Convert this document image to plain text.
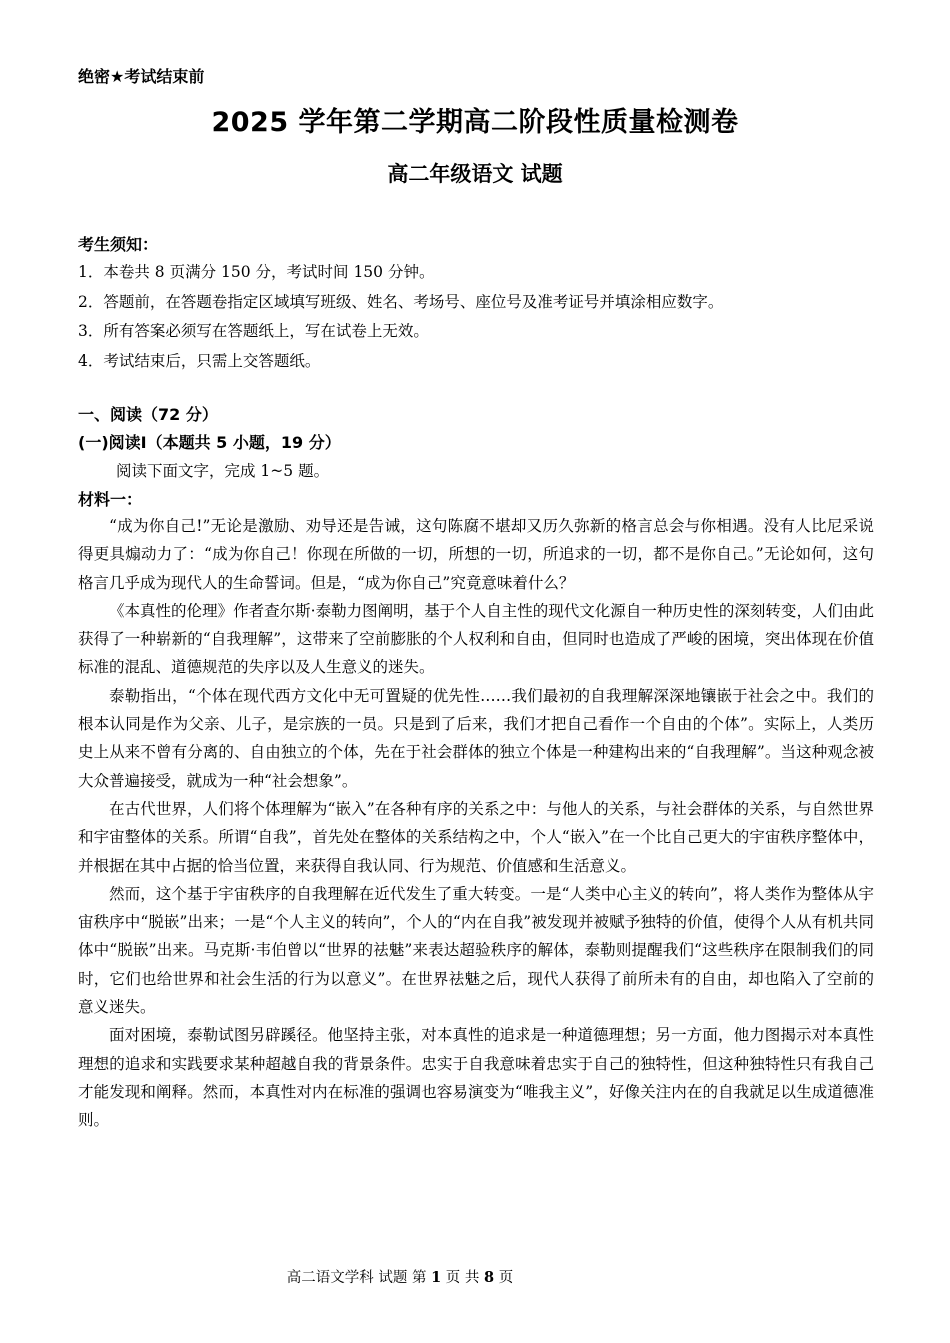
绝密★考试结束前
2025 学年第二学期高二阶段性质量检测卷
高二年级语文 试题
考生须知：
1．本卷共 8 页满分 150 分，考试时间 150 分钟。
2．答题前，在答题卷指定区域填写班级、姓名、考场号、座位号及准考证号并填涂相应数字。
3．所有答案必须写在答题纸上，写在试卷上无效。
4．考试结束后，只需上交答题纸。
一、阅读（72 分）
(一)阅读Ⅰ（本题共 5 小题，19 分）
阅读下面文字，完成 1~5 题。
材料一：

“成为你自己!”无论是激励、劝导还是告诫，这句陈腐不堪却又历久弥新的格言总会与你相遇。没有人比尼采说得更具煽动力了：“成为你自己！你现在所做的一切，所想的一切，所追求的一切，都不是你自己。”无论如何，这句格言几乎成为现代人的生命誓词。但是，“成为你自己”究竟意味着什么？

《本真性的伦理》作者查尔斯·泰勒力图阐明，基于个人自主性的现代文化源自一种历史性的深刻转变，人们由此获得了一种崭新的“自我理解”，这带来了空前膨胀的个人权利和自由，但同时也造成了严峻的困境，突出体现在价值标准的混乱、道德规范的失序以及人生意义的迷失。

泰勒指出，“个体在现代西方文化中无可置疑的优先性……我们最初的自我理解深深地镶嵌于社会之中。我们的根本认同是作为父亲、儿子，是宗族的一员。只是到了后来，我们才把自己看作一个自由的个体”。实际上，人类历史上从来不曾有分离的、自由独立的个体，先在于社会群体的独立个体是一种建构出来的“自我理解”。当这种观念被大众普遍接受，就成为一种“社会想象”。

在古代世界，人们将个体理解为“嵌入”在各种有序的关系之中：与他人的关系，与社会群体的关系，与自然世界和宇宙整体的关系。所谓“自我”，首先处在整体的关系结构之中，个人“嵌入”在一个比自己更大的宇宙秩序整体中，并根据在其中占据的恰当位置，来获得自我认同、行为规范、价值感和生活意义。

然而，这个基于宇宙秩序的自我理解在近代发生了重大转变。一是“人类中心主义的转向”，将人类作为整体从宇宙秩序中“脱嵌”出来；一是“个人主义的转向”，个人的“内在自我”被发现并被赋予独特的价值，使得个人从有机共同体中“脱嵌”出来。马克斯·韦伯曾以“世界的祛魅”来表达超验秩序的解体，泰勒则提醒我们“这些秩序在限制我们的同时，它们也给世界和社会生活的行为以意义”。在世界祛魅之后，现代人获得了前所未有的自由，却也陷入了空前的意义迷失。

面对困境，泰勒试图另辟蹊径。他坚持主张，对本真性的追求是一种道德理想；另一方面，他力图揭示对本真性理想的追求和实践要求某种超越自我的背景条件。忠实于自我意味着忠实于自己的独特性，但这种独特性只有我自己才能发现和阐释。然而，本真性对内在标准的强调也容易演变为“唯我主义”，好像关注内在的自我就足以生成道德准则。

高二语文学科 试题 第 1 页 共 8 页
